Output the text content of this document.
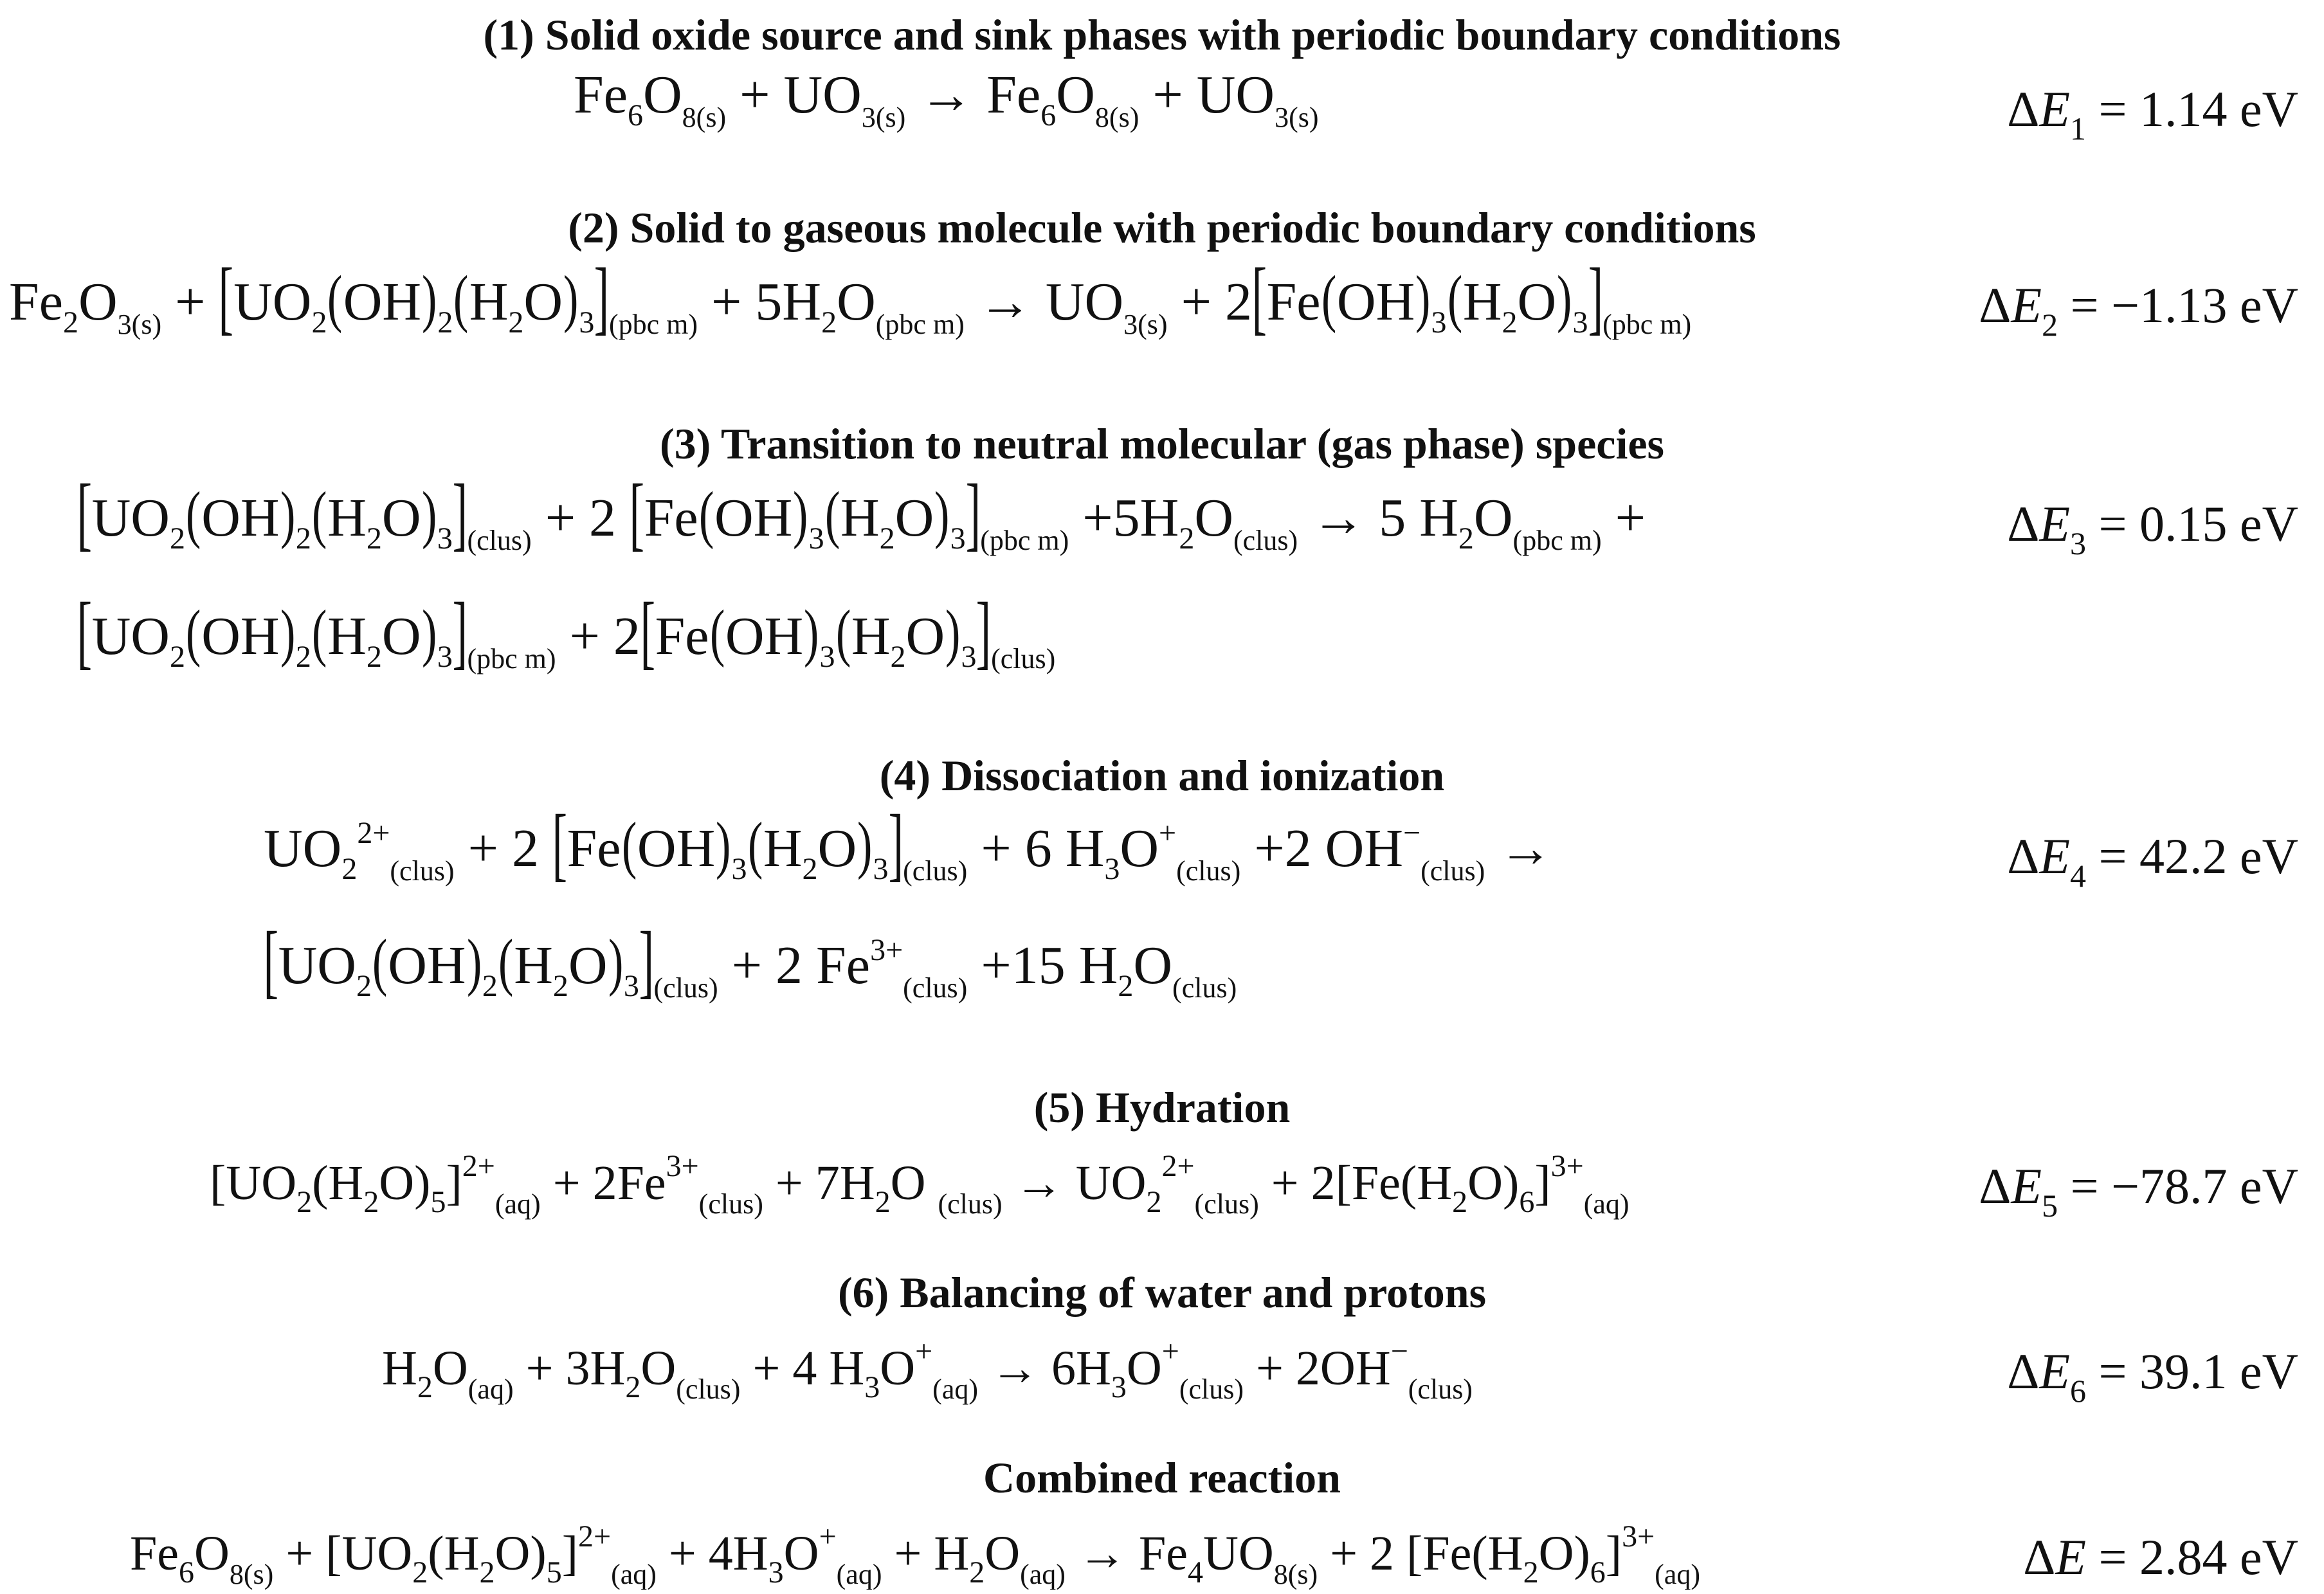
(1) Solid oxide source and sink phases with periodic boundary conditions
$Fe_6O_{8(s)} + UO_{3(s)} \to Fe_6O_{8(s)} + UO_{3(s)}$	$\Delta E_1 = 1.14$ eV
(2) Solid to gaseous molecule with periodic boundary conditions
$Fe_2O_{3(s)} + [UO_2(OH)_2(H_2O)_3]_{(pbc m)} + 5H_2O_{(pbc m)} \to UO_{3(s)} + 2[Fe(OH)_3(H_2O)_3]_{(pbc m)}$	$\Delta E_2 = -1.13$ eV
(3) Transition to neutral molecular (gas phase) species
$[UO_2(OH)_2(H_2O)_3]_{(clus)} + 2$ $[Fe(OH)_3(H_2O)_3]_{(pbc m)} +5H_2O_{(clus)} \to 5$ $H_2O_{(pbc m)}$ +
$[UO_2(OH)_2(H_2O)_3]_{(pbc m)} + 2[Fe(OH)_3(H_2O)_3]_{(clus)}$
$\Delta E_3 = 0.15$ eV
(4) Dissociation and ionization
$UO_2^{2+}_{(clus)} + 2$ $[Fe(OH)_3(H_2O)_3]_{(clus)} + 6$ $H_3O^+_{(clus)} +2$ $OH^-_{(clus)}$ →
$[UO_2(OH)_2(H_2O)_3]_{(clus)} + 2$ $Fe^{3+}_{(clus)} +15$ $H_2O_{(clus)}$
$\Delta E_4 = 42.2$ eV
(5) Hydration
$[UO_2(H_2O)_5]^{2+}_{(aq)} + 2Fe^{3+}_{(clus)} + 7H_2O$ $_{(clus)} \to UO_2^{2+}_{(clus)} + 2[Fe(H_2O)_6]^{3+}_{(aq)}$	$\Delta E_5 = -78.7$ eV
(6) Balancing of water and protons
$H_2O_{(aq)} + 3H_2O_{(clus)} + 4$ $H_3O^+_{(aq)} \to 6H_3O^+_{(clus)} + 2OH^-_{(clus)}$	$\Delta E_6 = 39.1$ eV
Combined reaction
$Fe_6O_{8(s)} + [UO_2(H_2O)_5]^{2+}_{(aq)} + 4H_3O^+_{(aq)} + H_2O_{(aq)} \to Fe_4UO_{8(s)} + 2$ $[Fe(H_2O)_6]^{3+}_{(aq)}$	ΔE = 2.84 eV
